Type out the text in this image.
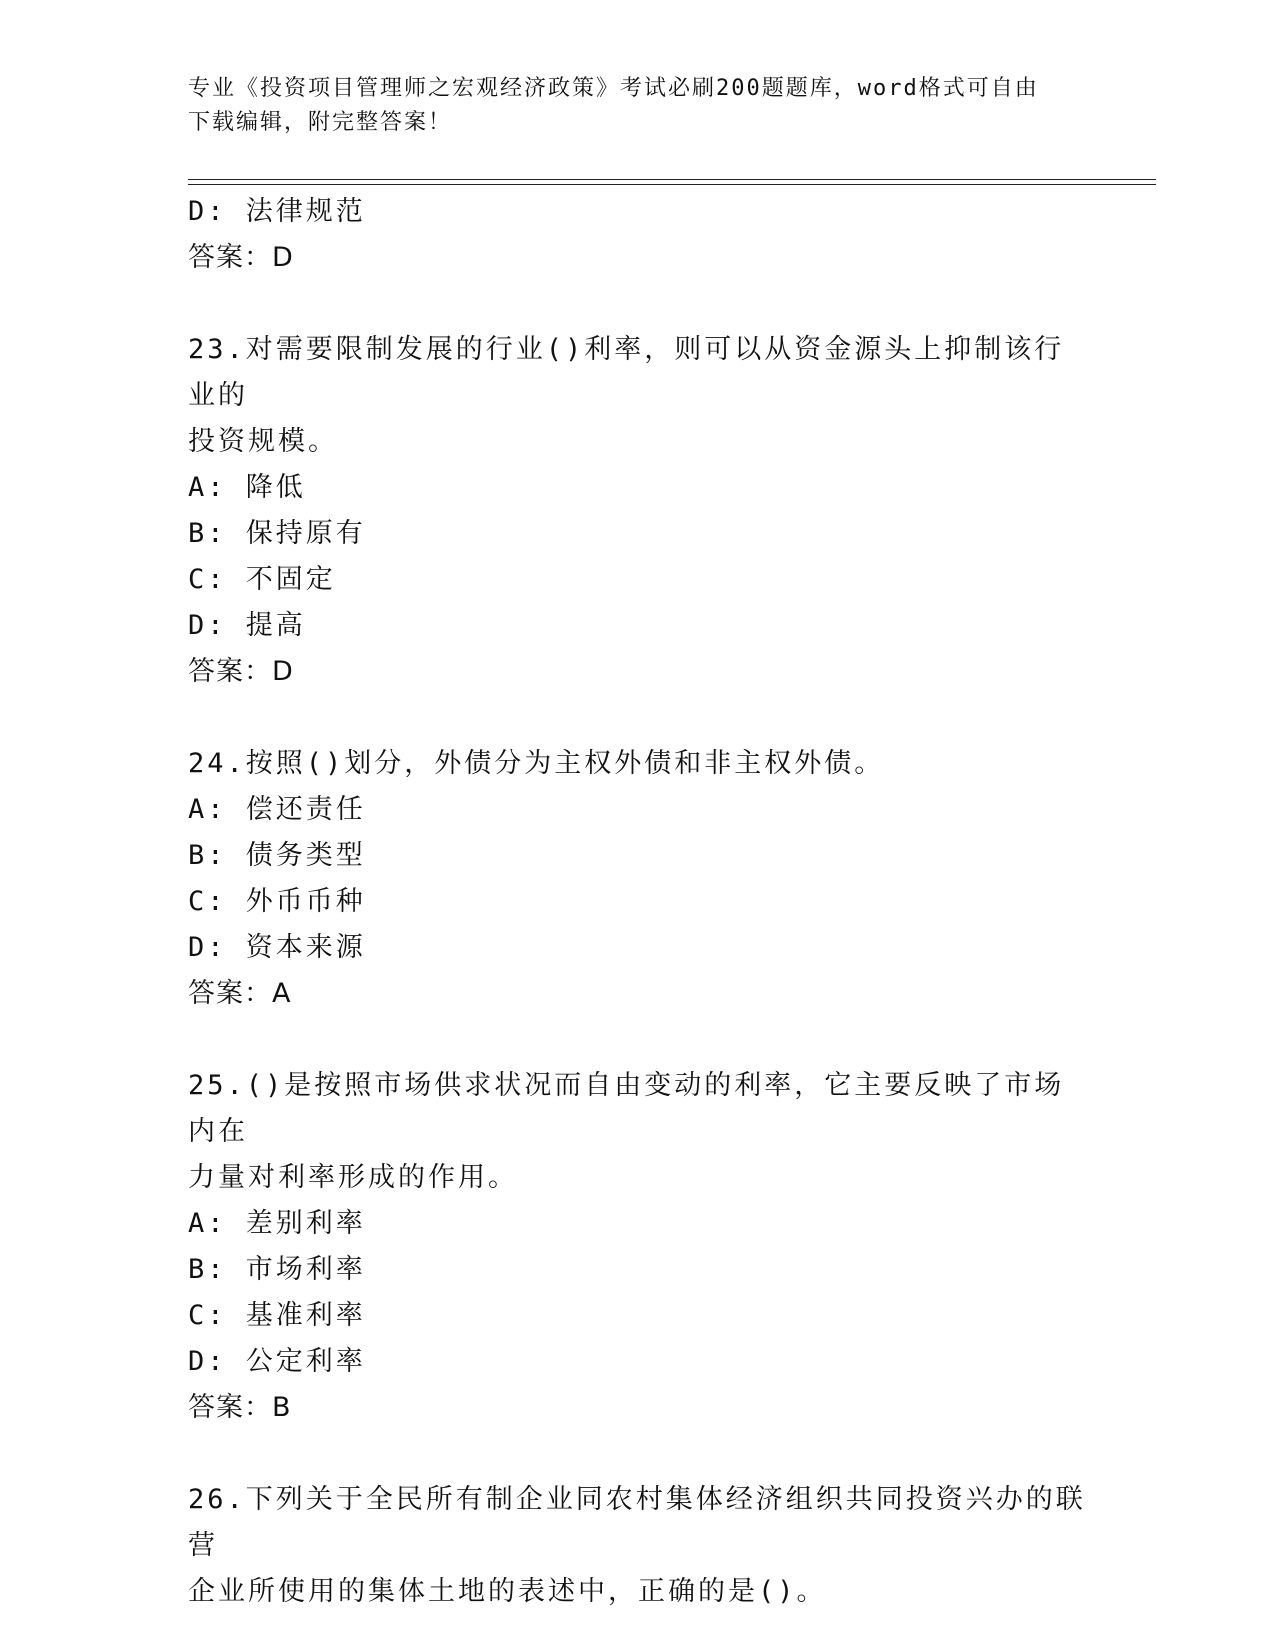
专业《投资项目管理师之宏观经济政策》考试必刷200题题库，word格式可自由
下载编辑，附完整答案！
D: 法律规范
答案：D
23.对需要限制发展的行业()利率，则可以从资金源头上抑制该行业的
投资规模。
A: 降低
B: 保持原有
C: 不固定
D: 提高
答案：D
24.按照()划分，外债分为主权外债和非主权外债。
A: 偿还责任
B: 债务类型
C: 外币币种
D: 资本来源
答案：A
25.()是按照市场供求状况而自由变动的利率，它主要反映了市场内在
力量对利率形成的作用。
A: 差别利率
B: 市场利率
C: 基准利率
D: 公定利率
答案：B
26.下列关于全民所有制企业同农村集体经济组织共同投资兴办的联营
企业所使用的集体土地的表述中，正确的是()。
